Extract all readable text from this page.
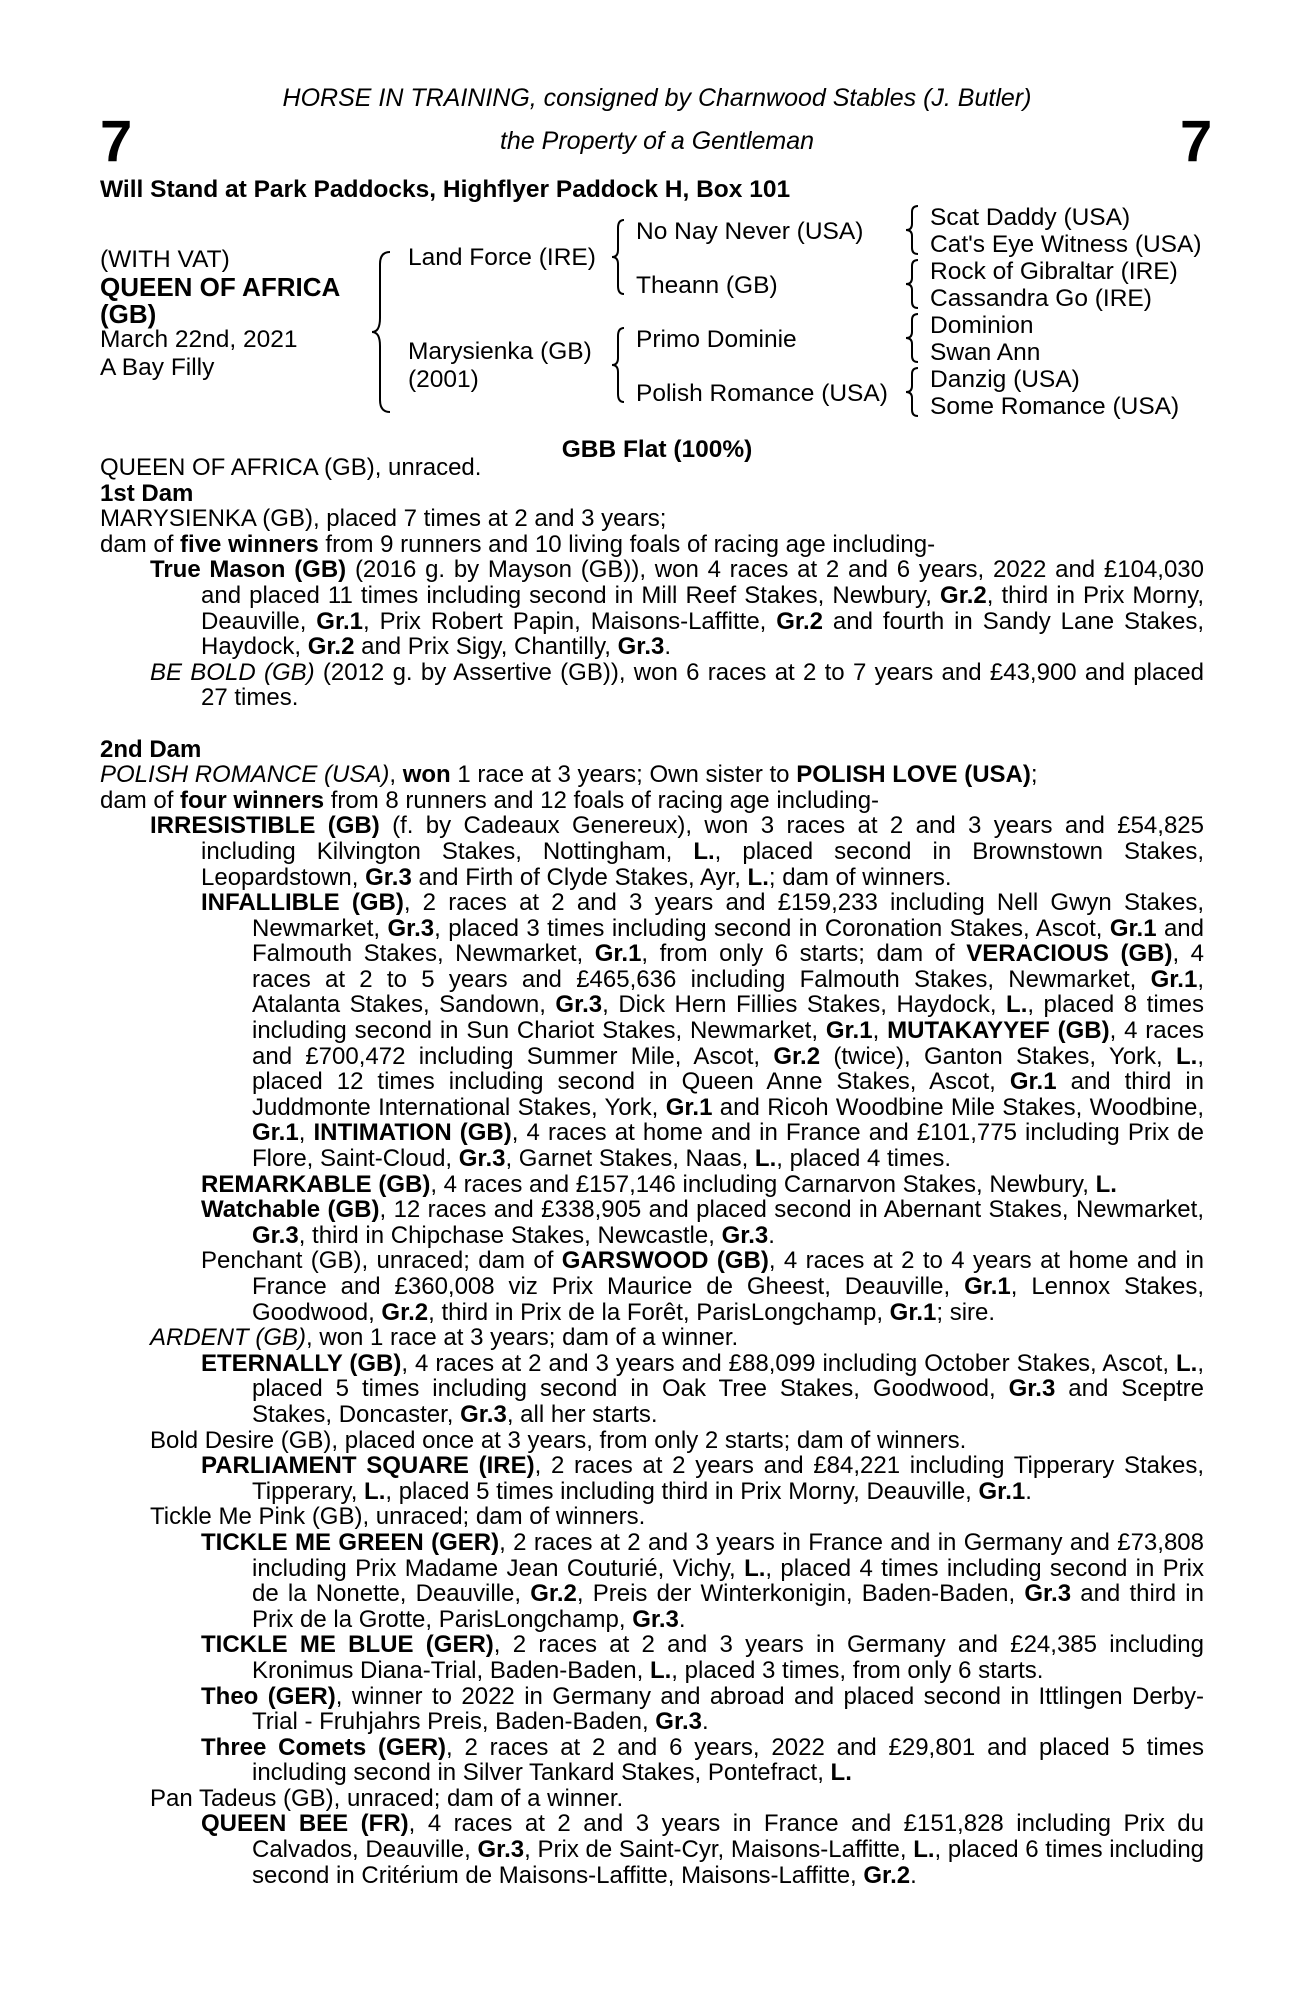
7	7
HORSE IN TRAINING, consigned by Charnwood Stables (J. Butler)
the Property of a Gentleman
Will Stand at Park Paddocks, Highflyer Paddock H, Box 101
(WITH VAT)
QUEEN OF AFRICA
(GB)
March 22nd, 2021
A Bay Filly
Land Force (IRE)
Marysienka (GB)
(2001)
No Nay Never (USA)
Theann (GB)
Primo Dominie
Polish Romance (USA)
Scat Daddy (USA)
Cat's Eye Witness (USA)
Rock of Gibraltar (IRE)
Cassandra Go (IRE)
Dominion
Swan Ann
Danzig (USA)
Some Romance (USA)
GBB Flat (100%)
QUEEN OF AFRICA (GB), unraced.
1st Dam
MARYSIENKA (GB), placed 7 times at 2 and 3 years;
dam of five winners from 9 runners and 10 living foals of racing age including-
True Mason (GB) (2016 g. by Mayson (GB)), won 4 races at 2 and 6 years, 2022 and £104,030 and placed 11 times including second in Mill Reef Stakes, Newbury, Gr.2, third in Prix Morny, Deauville, Gr.1, Prix Robert Papin, Maisons-Laffitte, Gr.2 and fourth in Sandy Lane Stakes, Haydock, Gr.2 and Prix Sigy, Chantilly, Gr.3.
BE BOLD (GB) (2012 g. by Assertive (GB)), won 6 races at 2 to 7 years and £43,900 and placed 27 times.
2nd Dam
POLISH ROMANCE (USA), won 1 race at 3 years; Own sister to POLISH LOVE (USA);
dam of four winners from 8 runners and 12 foals of racing age including-
IRRESISTIBLE (GB) (f. by Cadeaux Genereux), won 3 races at 2 and 3 years and £54,825 including Kilvington Stakes, Nottingham, L., placed second in Brownstown Stakes, Leopardstown, Gr.3 and Firth of Clyde Stakes, Ayr, L.; dam of winners.
INFALLIBLE (GB), 2 races at 2 and 3 years and £159,233 including Nell Gwyn Stakes, Newmarket, Gr.3, placed 3 times including second in Coronation Stakes, Ascot, Gr.1 and Falmouth Stakes, Newmarket, Gr.1, from only 6 starts; dam of VERACIOUS (GB), 4 races at 2 to 5 years and £465,636 including Falmouth Stakes, Newmarket, Gr.1, Atalanta Stakes, Sandown, Gr.3, Dick Hern Fillies Stakes, Haydock, L., placed 8 times including second in Sun Chariot Stakes, Newmarket, Gr.1, MUTAKAYYEF (GB), 4 races and £700,472 including Summer Mile, Ascot, Gr.2 (twice), Ganton Stakes, York, L., placed 12 times including second in Queen Anne Stakes, Ascot, Gr.1 and third in Juddmonte International Stakes, York, Gr.1 and Ricoh Woodbine Mile Stakes, Woodbine, Gr.1, INTIMATION (GB), 4 races at home and in France and £101,775 including Prix de Flore, Saint-Cloud, Gr.3, Garnet Stakes, Naas, L., placed 4 times.
REMARKABLE (GB), 4 races and £157,146 including Carnarvon Stakes, Newbury, L.
Watchable (GB), 12 races and £338,905 and placed second in Abernant Stakes, Newmarket, Gr.3, third in Chipchase Stakes, Newcastle, Gr.3.
Penchant (GB), unraced; dam of GARSWOOD (GB), 4 races at 2 to 4 years at home and in France and £360,008 viz Prix Maurice de Gheest, Deauville, Gr.1, Lennox Stakes, Goodwood, Gr.2, third in Prix de la Forêt, ParisLongchamp, Gr.1; sire.
ARDENT (GB), won 1 race at 3 years; dam of a winner.
ETERNALLY (GB), 4 races at 2 and 3 years and £88,099 including October Stakes, Ascot, L., placed 5 times including second in Oak Tree Stakes, Goodwood, Gr.3 and Sceptre Stakes, Doncaster, Gr.3, all her starts.
Bold Desire (GB), placed once at 3 years, from only 2 starts; dam of winners.
PARLIAMENT SQUARE (IRE), 2 races at 2 years and £84,221 including Tipperary Stakes, Tipperary, L., placed 5 times including third in Prix Morny, Deauville, Gr.1.
Tickle Me Pink (GB), unraced; dam of winners.
TICKLE ME GREEN (GER), 2 races at 2 and 3 years in France and in Germany and £73,808 including Prix Madame Jean Couturié, Vichy, L., placed 4 times including second in Prix de la Nonette, Deauville, Gr.2, Preis der Winterkonigin, Baden-Baden, Gr.3 and third in Prix de la Grotte, ParisLongchamp, Gr.3.
TICKLE ME BLUE (GER), 2 races at 2 and 3 years in Germany and £24,385 including Kronimus Diana-Trial, Baden-Baden, L., placed 3 times, from only 6 starts.
Theo (GER), winner to 2022 in Germany and abroad and placed second in Ittlingen Derby-Trial - Fruhjahrs Preis, Baden-Baden, Gr.3.
Three Comets (GER), 2 races at 2 and 6 years, 2022 and £29,801 and placed 5 times including second in Silver Tankard Stakes, Pontefract, L.
Pan Tadeus (GB), unraced; dam of a winner.
QUEEN BEE (FR), 4 races at 2 and 3 years in France and £151,828 including Prix du Calvados, Deauville, Gr.3, Prix de Saint-Cyr, Maisons-Laffitte, L., placed 6 times including second in Critérium de Maisons-Laffitte, Maisons-Laffitte, Gr.2.
